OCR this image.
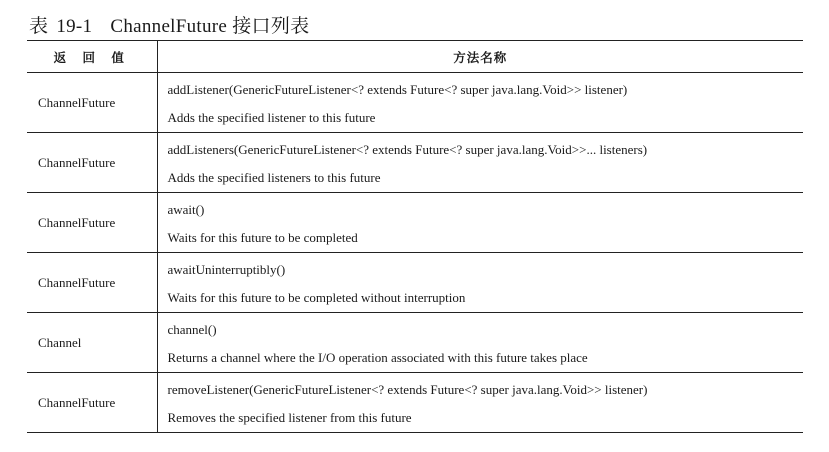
表 19-1 ChannelFuture 接口列表
返 回 值	方法名称
ChannelFuture	addListener(GenericFutureListener<? extends Future<? super java.lang.Void>> listener)
Adds the specified listener to this future

ChannelFuture	addListeners(GenericFutureListener<? extends Future<? super java.lang.Void>>... listeners)
Adds the specified listeners to this future

ChannelFuture	await()
Waits for this future to be completed

ChannelFuture	awaitUninterruptibly()
Waits for this future to be completed without interruption

Channel	channel()
Returns a channel where the I/O operation associated with this future takes place

ChannelFuture	removeListener(GenericFutureListener<? extends Future<? super java.lang.Void>> listener)
Removes the specified listener from this future
